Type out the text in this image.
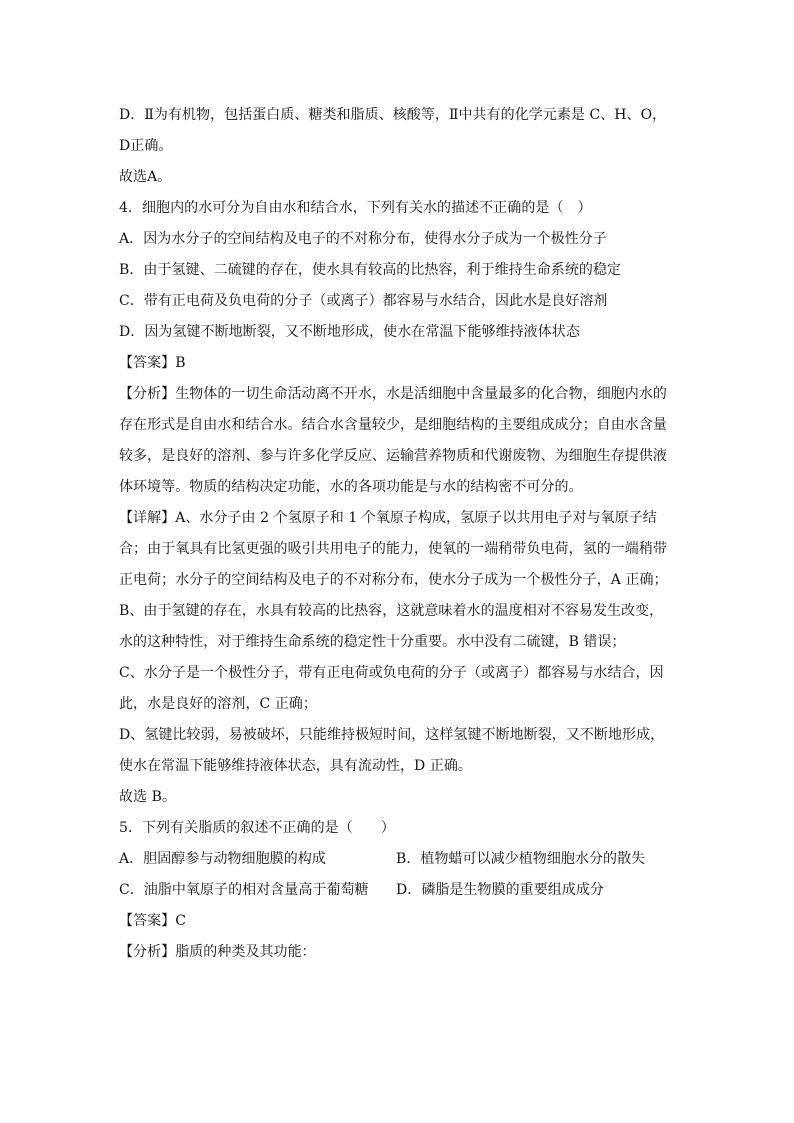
D．Ⅱ为有机物，包括蛋白质、糖类和脂质、核酸等，Ⅱ中共有的化学元素是 C、H、O，
D正确。
故选A。
4．细胞内的水可分为自由水和结合水，下列有关水的描述不正确的是（　）
A．因为水分子的空间结构及电子的不对称分布，使得水分子成为一个极性分子
B．由于氢键、二硫键的存在，使水具有较高的比热容，利于维持生命系统的稳定
C．带有正电荷及负电荷的分子（或离子）都容易与水结合，因此水是良好溶剂
D．因为氢键不断地断裂，又不断地形成，使水在常温下能够维持液体状态
【答案】B
【分析】生物体的一切生命活动离不开水，水是活细胞中含量最多的化合物，细胞内水的
存在形式是自由水和结合水。结合水含量较少，是细胞结构的主要组成成分；自由水含量
较多，是良好的溶剂、参与许多化学反应、运输营养物质和代谢废物、为细胞生存提供液
体环境等。物质的结构决定功能，水的各项功能是与水的结构密不可分的。
【详解】A、水分子由 2 个氢原子和 1 个氧原子构成，氢原子以共用电子对与氧原子结
合；由于氧具有比氢更强的吸引共用电子的能力，使氧的一端稍带负电荷，氢的一端稍带
正电荷；水分子的空间结构及电子的不对称分布，使水分子成为一个极性分子，A 正确；
B、由于氢键的存在，水具有较高的比热容，这就意味着水的温度相对不容易发生改变，
水的这种特性，对于维持生命系统的稳定性十分重要。水中没有二硫键，B 错误；
C、水分子是一个极性分子，带有正电荷或负电荷的分子（或离子）都容易与水结合，因
此，水是良好的溶剂，C 正确；
D、氢键比较弱，易被破坏，只能维持极短时间，这样氢键不断地断裂，又不断地形成，
使水在常温下能够维持液体状态，具有流动性，D 正确。
故选 B。
5．下列有关脂质的叙述不正确的是（　　）
A．胆固醇参与动物细胞膜的构成	B．植物蜡可以减少植物细胞水分的散失
C．油脂中氧原子的相对含量高于葡萄糖	D．磷脂是生物膜的重要组成成分
【答案】C
【分析】脂质的种类及其功能：
